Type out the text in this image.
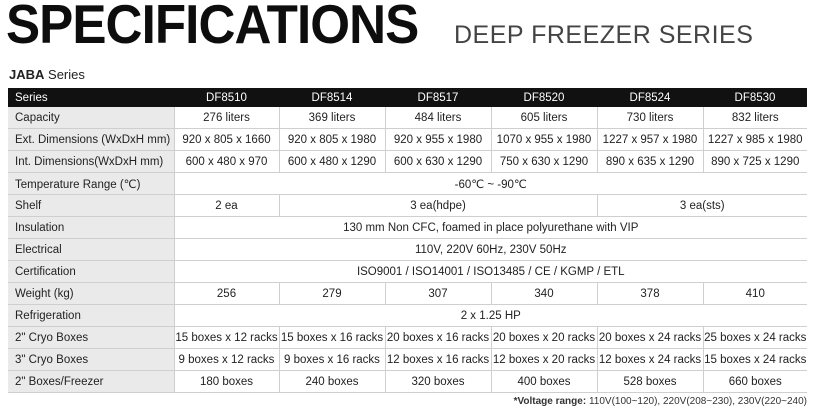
SPECIFICATIONS DEEP FREEZER SERIES
JABA Series
Series	DF8510	DF8514	DF8517	DF8520	DF8524	DF8530
Capacity	276 liters	369 liters	484 liters	605 liters	730 liters	832 liters
Ext. Dimensions (WxDxH mm)	920 x 805 x 1660	920 x 805 x 1980	920 x 955 x 1980	1070 x 955 x 1980	1227 x 957 x 1980	1227 x 985 x 1980
Int. Dimensions(WxDxH mm)	600 x 480 x 970	600 x 480 x 1290	600 x 630 x 1290	750 x 630 x 1290	890 x 635 x 1290	890 x 725 x 1290
Temperature Range (℃)	-60℃ ~ -90℃					
Shelf	2 ea	3 ea(hdpe)			3 ea(sts)	
Insulation	130 mm Non CFC, foamed in place polyurethane with VIP					
Electrical	110V, 220V 60Hz, 230V 50Hz					
Certification	ISO9001 / ISO14001 / ISO13485 / CE / KGMP / ETL					
Weight (kg)	256	279	307	340	378	410
Refrigeration	2 x 1.25 HP					
2" Cryo Boxes	15 boxes x 12 racks	15 boxes x 16 racks	20 boxes x 16 racks	20 boxes x 20 racks	20 boxes x 24 racks	25 boxes x 24 racks
3" Cryo Boxes	9 boxes x 12 racks	9 boxes x 16 racks	12 boxes x 16 racks	12 boxes x 20 racks	12 boxes x 24 racks	15 boxes x 24 racks
2" Boxes/Freezer	180 boxes	240 boxes	320 boxes	400 boxes	528 boxes	660 boxes
*Voltage range: 110V(100~120), 220V(208~230), 230V(220~240)
